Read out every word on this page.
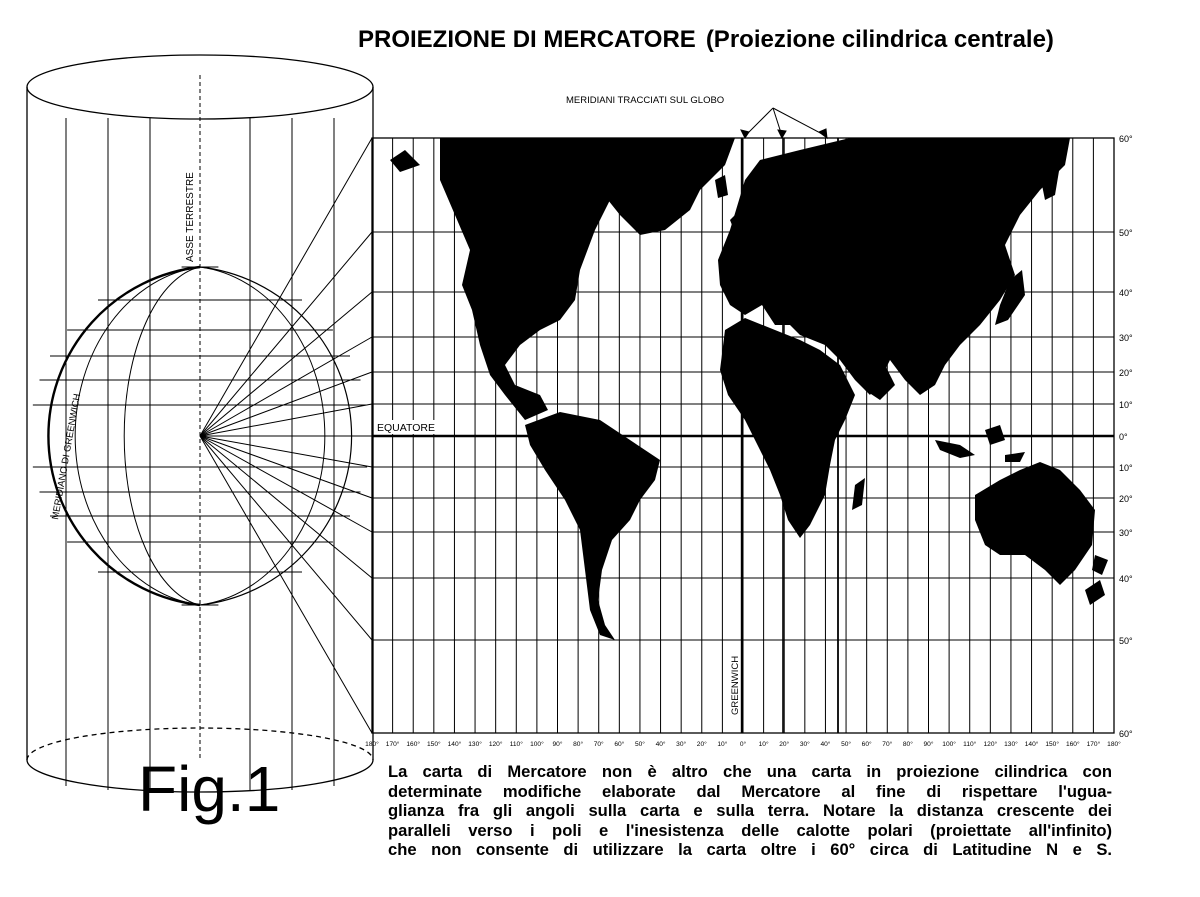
PROIEZIONE DI MERCATORE (Proiezione cilindrica centrale)
ASSE TERRESTRE
MERIDIANO DI GREENWICH	EQUATORE
GREENWICH
MERIDIANI TRACCIATI SUL GLOBO
60°
50°
40°
30°
20°
10°
0°
10°
20°
30°
40°
50°
60°
180° 170° 160° 150° 140° 130° 120° 110° 100° 90° 80° 70° 60° 50° 40° 30° 20° 10° 0° 10° 20° 30° 40° 50° 60° 70° 80° 90° 100° 110° 120° 130° 140° 150° 160° 170° 180°
Fig.1	La carta di Mercatore non è altro che una carta in proiezione cilindrica con
determinate modifiche elaborate dal Mercatore al fine di rispettare l'ugua-
glianza fra gli angoli sulla carta e sulla terra. Notare la distanza crescente dei
paralleli verso i poli e l'inesistenza delle calotte polari (proiettate all'infinito)
che non consente di utilizzare la carta oltre i 60° circa di Latitudine N e S.
